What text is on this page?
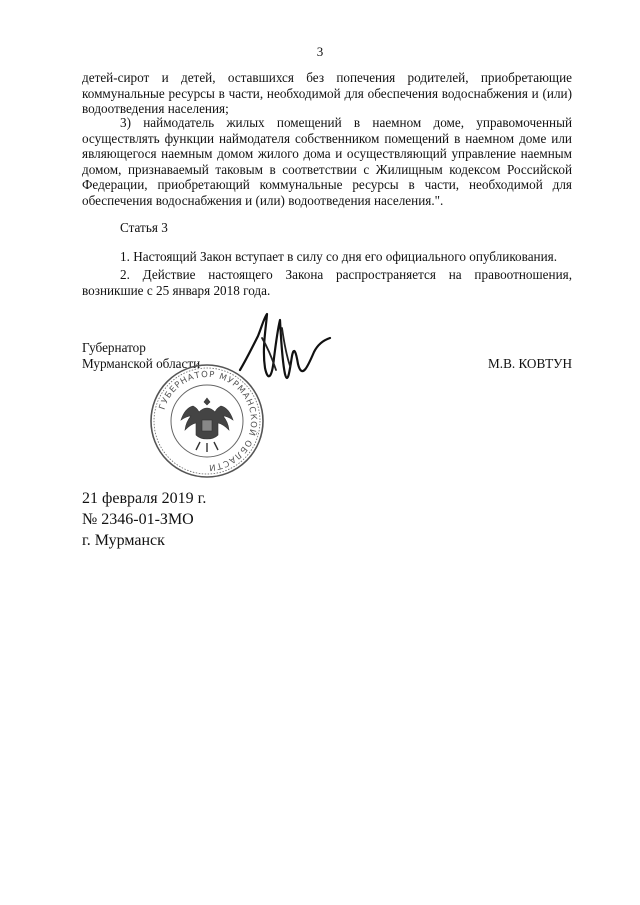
3

детей-сирот и детей, оставшихся без попечения родителей, приобретающие коммунальные ресурсы в части, необходимой для обеспечения водоснабжения и (или) водоотведения населения;

3) наймодатель жилых помещений в наемном доме, управомоченный осуществлять функции наймодателя собственником помещений в наемном доме или являющегося наемным домом жилого дома и осуществляющий управление наемным домом, признаваемый таковым в соответствии с Жилищным кодексом Российской Федерации, приобретающий коммунальные ресурсы в части, необходимой для обеспечения водоснабжения и (или) водоотведения населения.".

Статья 3

1. Настоящий Закон вступает в силу со дня его официального опубликования.

2. Действие настоящего Закона распространяется на правоотношения, возникшие с 25 января 2018 года.

Губернатор
Мурманской области	М.В. КОВТУН
ГУБЕРНАТОР МУРМАНСКОЙ ОБЛАСТИ
21 февраля 2019 г.
№ 2346-01-ЗМО
г. Мурманск
